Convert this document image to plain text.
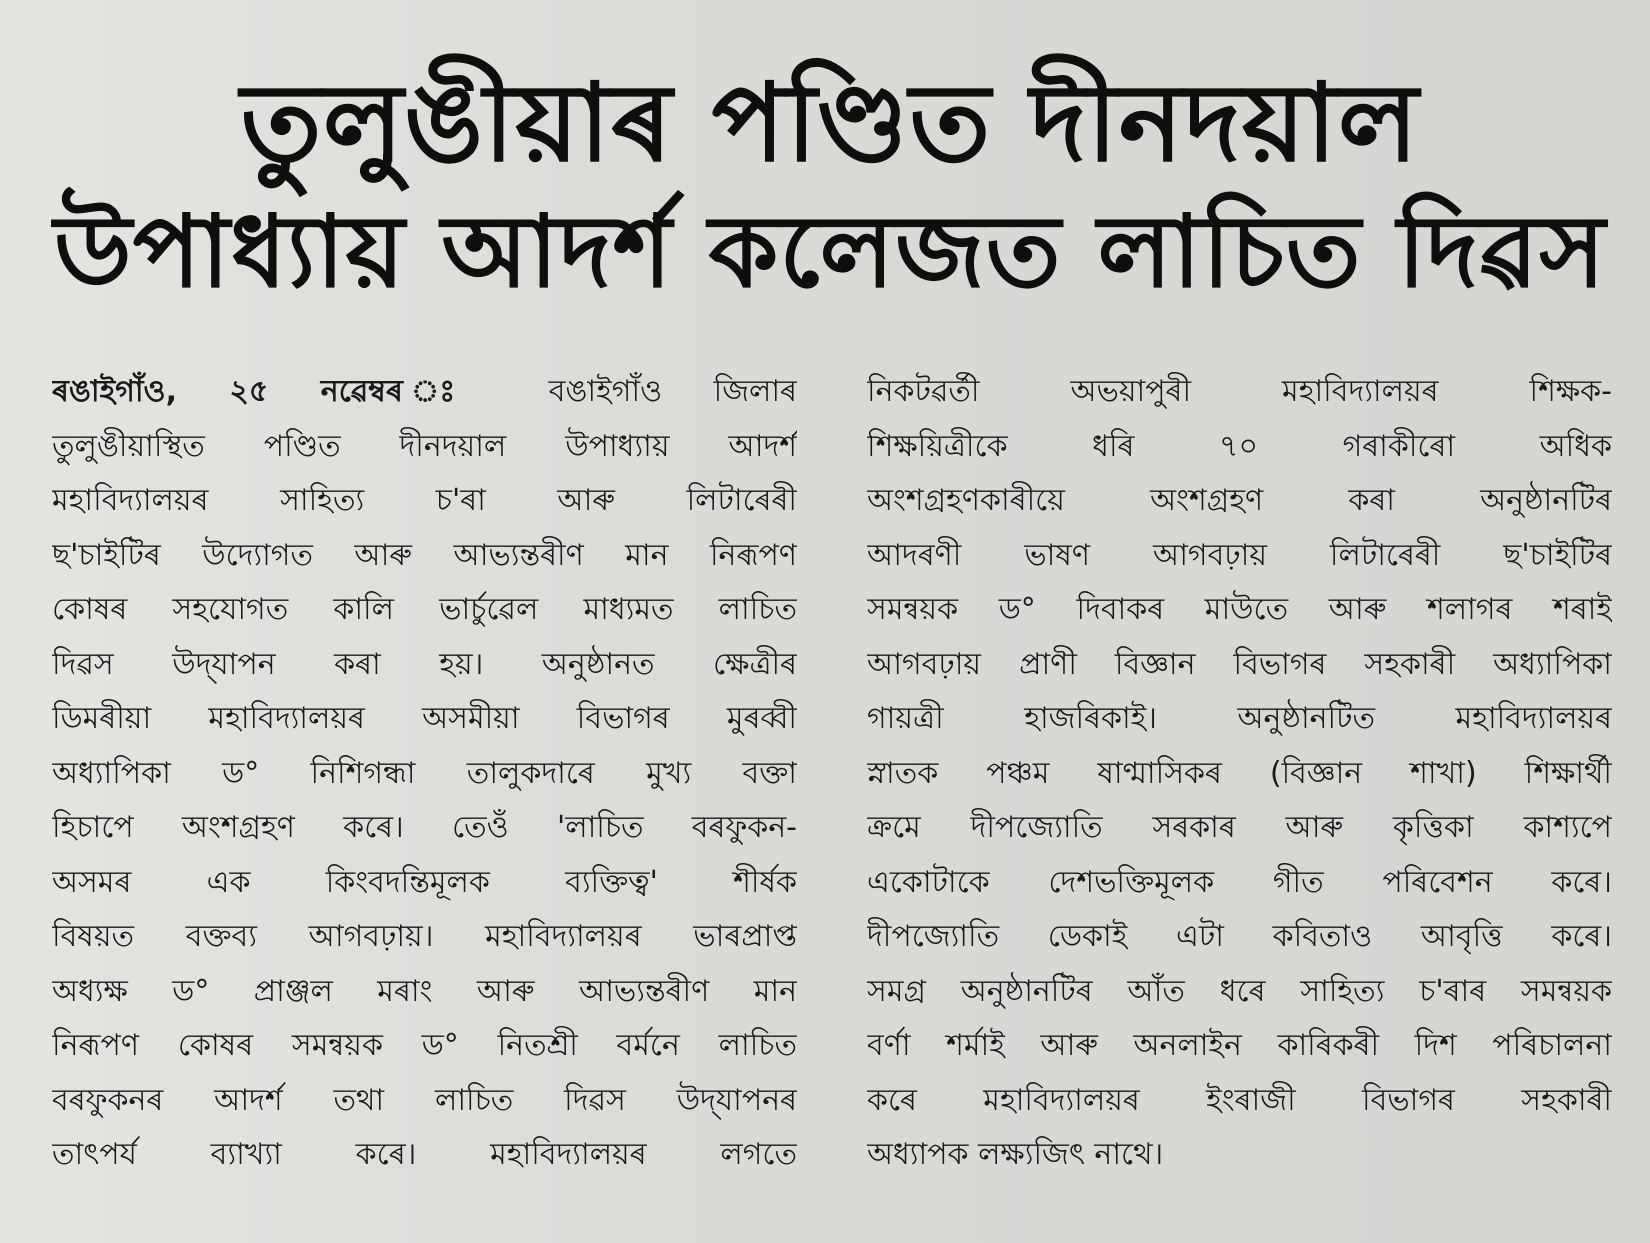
তুলুঙীয়াৰ পণ্ডিত দীনদয়াল
উপাধ্যায় আদৰ্শ কলেজত লাচিত দিৱস
ৰঙাইগাঁও, ২৫ নৱেম্বৰ ঃ বঙাইগাঁও জিলাৰ
তুলুঙীয়াস্থিত পণ্ডিত দীনদয়াল উপাধ্যায় আদৰ্শ
মহাবিদ্যালয়ৰ সাহিত্য চ'ৰা আৰু লিটাৰেৰী
ছ'চাইটিৰ উদ্যোগত আৰু আভ্যন্তৰীণ মান নিৰূপণ
কোষৰ সহযোগত কালি ভাৰ্চুৱেল মাধ্যমত লাচিত
দিৱস উদ্‌যাপন কৰা হয়। অনুষ্ঠানত ক্ষেত্ৰীৰ
ডিমৰীয়া মহাবিদ্যালয়ৰ অসমীয়া বিভাগৰ মুৰব্বী
অধ্যাপিকা ড° নিশিগন্ধা তালুকদাৰে মুখ্য বক্তা
হিচাপে অংশগ্ৰহণ কৰে। তেওঁ 'লাচিত বৰফুকন-
অসমৰ এক কিংবদন্তিমূলক ব্যক্তিত্ব' শীৰ্ষক
বিষয়ত বক্তব্য আগবঢ়ায়। মহাবিদ্যালয়ৰ ভাৰপ্ৰাপ্ত
অধ্যক্ষ ড° প্ৰাঞ্জল মৰাং আৰু আভ্যন্তৰীণ মান
নিৰূপণ কোষৰ সমন্বয়ক ড° নিতশ্ৰী বৰ্মনে লাচিত
বৰফুকনৰ আদৰ্শ তথা লাচিত দিৱস উদ্‌যাপনৰ
তাৎপৰ্য ব্যাখ্যা কৰে। মহাবিদ্যালয়ৰ লগতে
নিকটৱৰ্তী অভয়াপুৰী মহাবিদ্যালয়ৰ শিক্ষক-
শিক্ষয়িত্ৰীকে ধৰি ৭০ গৰাকীৰো অধিক
অংশগ্ৰহণকাৰীয়ে অংশগ্ৰহণ কৰা অনুষ্ঠানটিৰ
আদৰণী ভাষণ আগবঢ়ায় লিটাৰেৰী ছ'চাইটিৰ
সমন্বয়ক ড° দিবাকৰ মাউতে আৰু শলাগৰ শৰাই
আগবঢ়ায় প্ৰাণী বিজ্ঞান বিভাগৰ সহকাৰী অধ্যাপিকা
গায়ত্ৰী হাজৰিকাই। অনুষ্ঠানটিত মহাবিদ্যালয়ৰ
স্নাতক পঞ্চম ষাণ্মাসিকৰ (বিজ্ঞান শাখা) শিক্ষাৰ্থী
ক্ৰমে দীপজ্যোতি সৰকাৰ আৰু কৃত্তিকা কাশ্যপে
একোটাকে দেশভক্তিমূলক গীত পৰিবেশন কৰে।
দীপজ্যোতি ডেকাই এটা কবিতাও আবৃত্তি কৰে।
সমগ্ৰ অনুষ্ঠানটিৰ আঁত ধৰে সাহিত্য চ'ৰাৰ সমন্বয়ক
বৰ্ণা শৰ্মাই আৰু অনলাইন কাৰিকৰী দিশ পৰিচালনা
কৰে মহাবিদ্যালয়ৰ ইংৰাজী বিভাগৰ সহকাৰী
অধ্যাপক লক্ষ্যজিৎ নাথে।
